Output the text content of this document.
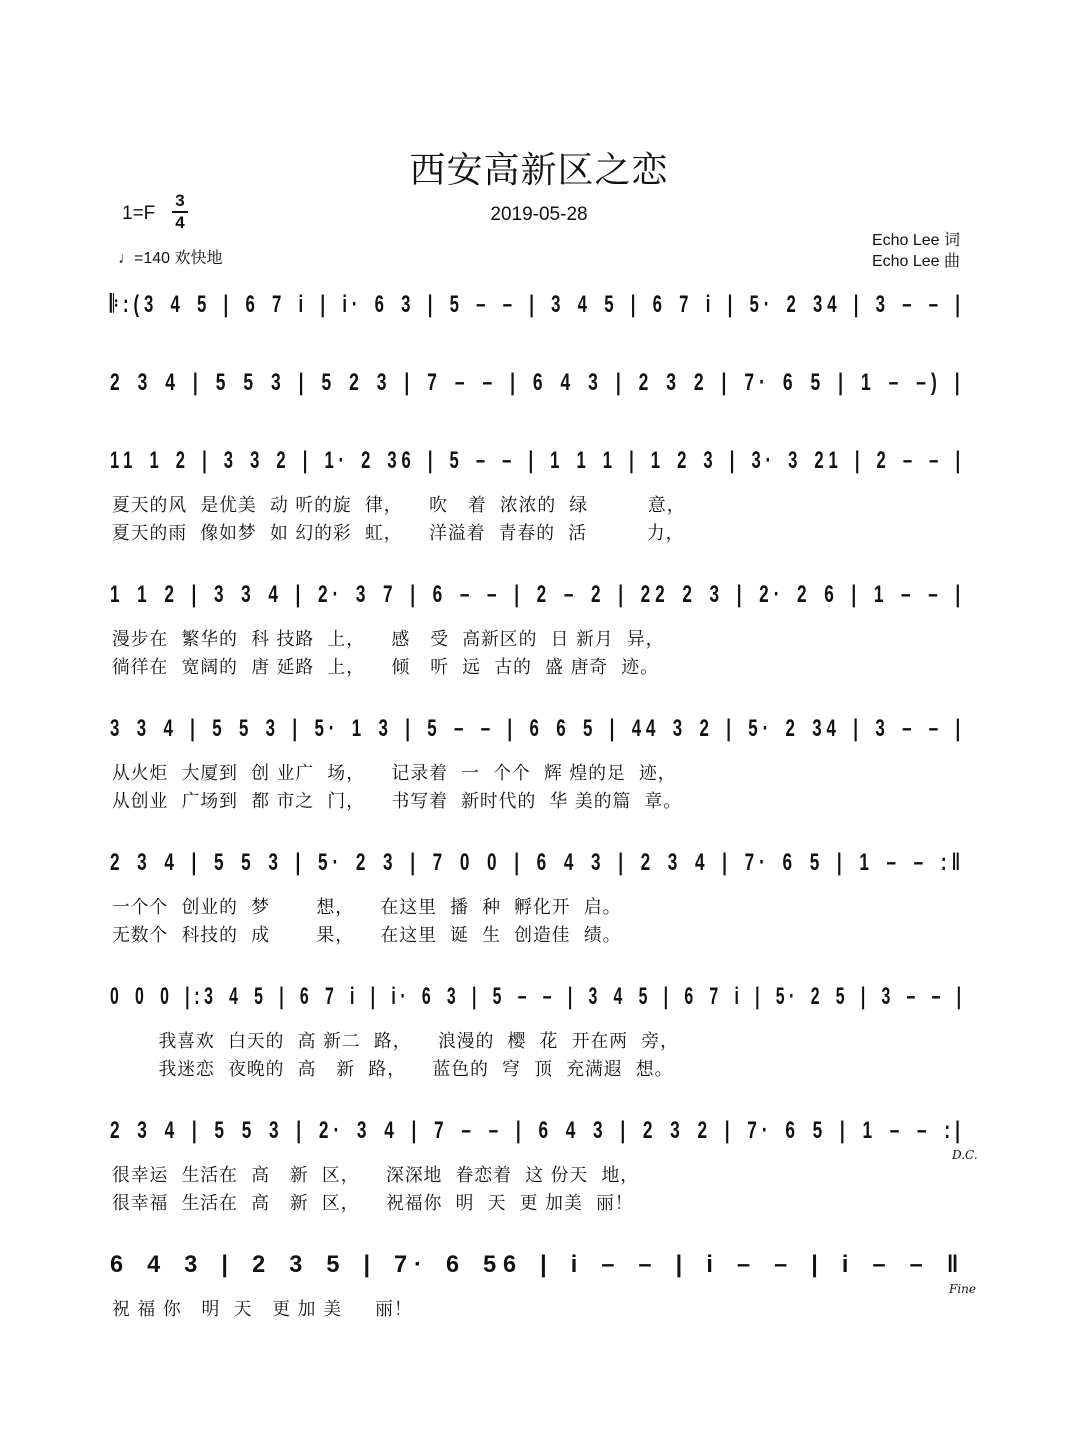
西安高新区之恋
2019-05-28
1=F
3
4
♩=140 欢快地
Echo Lee 词
Echo Lee 曲
𝄆:(3 4 5 | 6 7 i | i· 6 3 | 5 – – | 3 4 5 | 6 7 i | 5· 2 34 | 3 – – |
2 3 4 | 5 5 3 | 5 2 3 | 7 – – | 6 4 3 | 2 3 2 | 7· 6 5 | 1 – –) |
11 1 2 | 3 3 2 | 1· 2 36 | 5 – – | 1 1 1 | 1 2 3 | 3· 3 21 | 2 – – |
夏天的风  是优美  动 听的旋  律，    吹   着  浓浓的  绿         意，
夏天的雨  像如梦  如 幻的彩  虹，    洋溢着  青春的  活         力，
1 1 2 | 3 3 4 | 2· 3 7 | 6 – – | 2 – 2 | 22 2 3 | 2· 2 6 | 1 – – |
漫步在  繁华的  科 技路  上，    感   受  高新区的  日 新月  异，
徜徉在  宽阔的  唐 延路  上，    倾   听  远  古的  盛 唐奇  迹。
3 3 4 | 5 5 3 | 5· 1 3 | 5 – – | 6 6 5 | 44 3 2 | 5· 2 34 | 3 – – |
从火炬  大厦到  创 业广  场，    记录着  一  个个  辉 煌的足  迹，
从创业  广场到  都 市之  门，    书写着  新时代的  华 美的篇  章。
2 3 4 | 5 5 3 | 5· 2 3 | 7 0 0 | 6 4 3 | 2 3 4 | 7· 6 5 | 1 – – :‖
一个个  创业的  梦       想，    在这里  播  种  孵化开  启。
无数个  科技的  成       果，    在这里  诞  生  创造佳  绩。
0 0 0 |:3 4 5 | 6 7 i | i· 6 3 | 5 – – | 3 4 5 | 6 7 i | 5· 2 5 | 3 – – |
我喜欢  白天的  高 新二  路，    浪漫的  樱  花  开在两  旁，
我迷恋  夜晚的  高   新  路，    蓝色的  穹  顶  充满遐  想。
2 3 4 | 5 5 3 | 2· 3 4 | 7 – – | 6 4 3 | 2 3 2 | 7· 6 5 | 1 – – :|
很幸运  生活在  高   新  区，    深深地  眷恋着  这 份天  地，
很幸福  生活在  高   新  区，    祝福你  明  天  更 加美  丽！
6 4 3 | 2 3 5 | 7· 6 56 | i – – | i – – | i – – ‖
祝 福 你   明  天   更 加 美     丽！
D.C.
Fine
